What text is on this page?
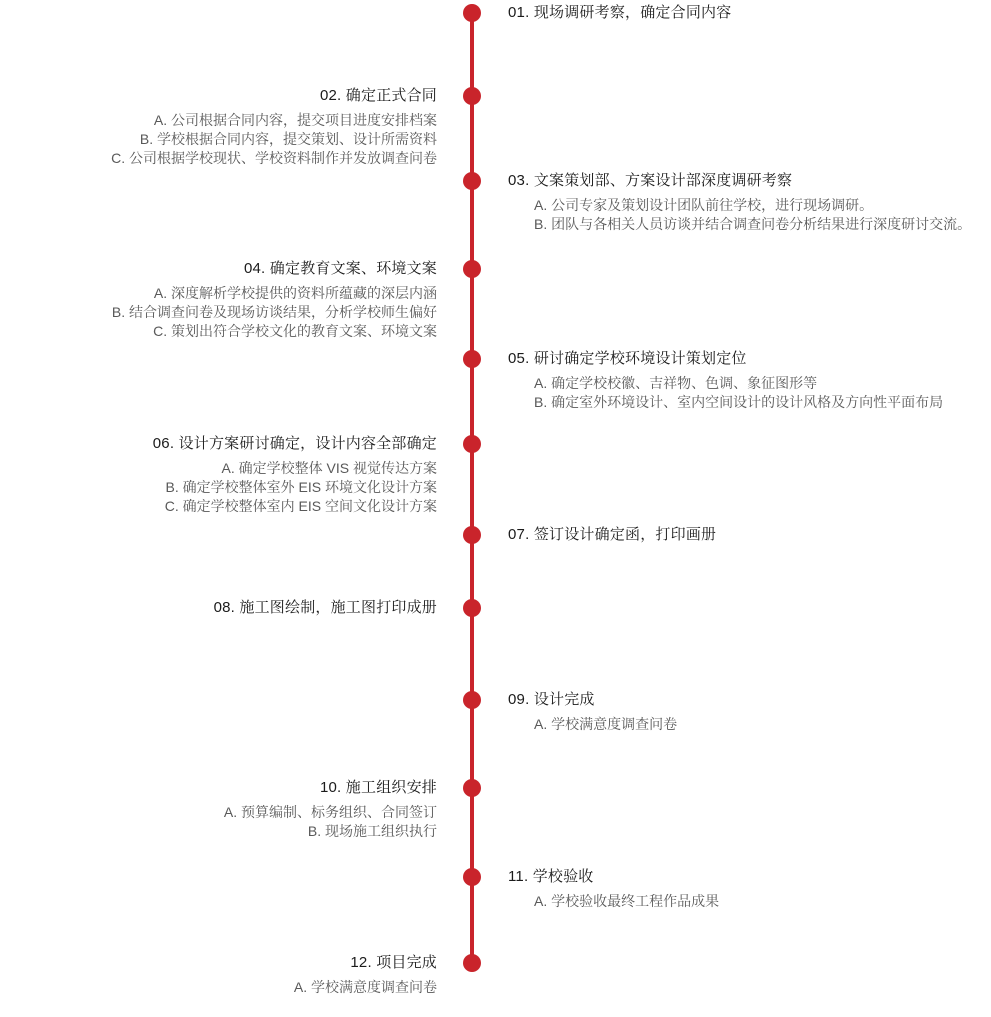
01. 现场调研考察，确定合同内容
02. 确定正式合同
A. 公司根据合同内容，提交项目进度安排档案
B. 学校根据合同内容，提交策划、设计所需资料
C. 公司根据学校现状、学校资料制作并发放调查问卷
03. 文案策划部、方案设计部深度调研考察
A. 公司专家及策划设计团队前往学校，进行现场调研。
B. 团队与各相关人员访谈并结合调查问卷分析结果进行深度研讨交流。
04. 确定教育文案、环境文案
A. 深度解析学校提供的资料所蕴藏的深层内涵
B. 结合调查问卷及现场访谈结果，分析学校师生偏好
C. 策划出符合学校文化的教育文案、环境文案
05. 研讨确定学校环境设计策划定位
A. 确定学校校徽、吉祥物、色调、象征图形等
B. 确定室外环境设计、室内空间设计的设计风格及方向性平面布局
06. 设计方案研讨确定，设计内容全部确定
A. 确定学校整体 VIS 视觉传达方案
B. 确定学校整体室外 EIS 环境文化设计方案
C. 确定学校整体室内 EIS 空间文化设计方案
07. 签订设计确定函，打印画册
08. 施工图绘制，施工图打印成册
09. 设计完成
A. 学校满意度调查问卷
10. 施工组织安排
A. 预算编制、标务组织、合同签订
B. 现场施工组织执行
11. 学校验收
A. 学校验收最终工程作品成果
12. 项目完成
A. 学校满意度调查问卷
